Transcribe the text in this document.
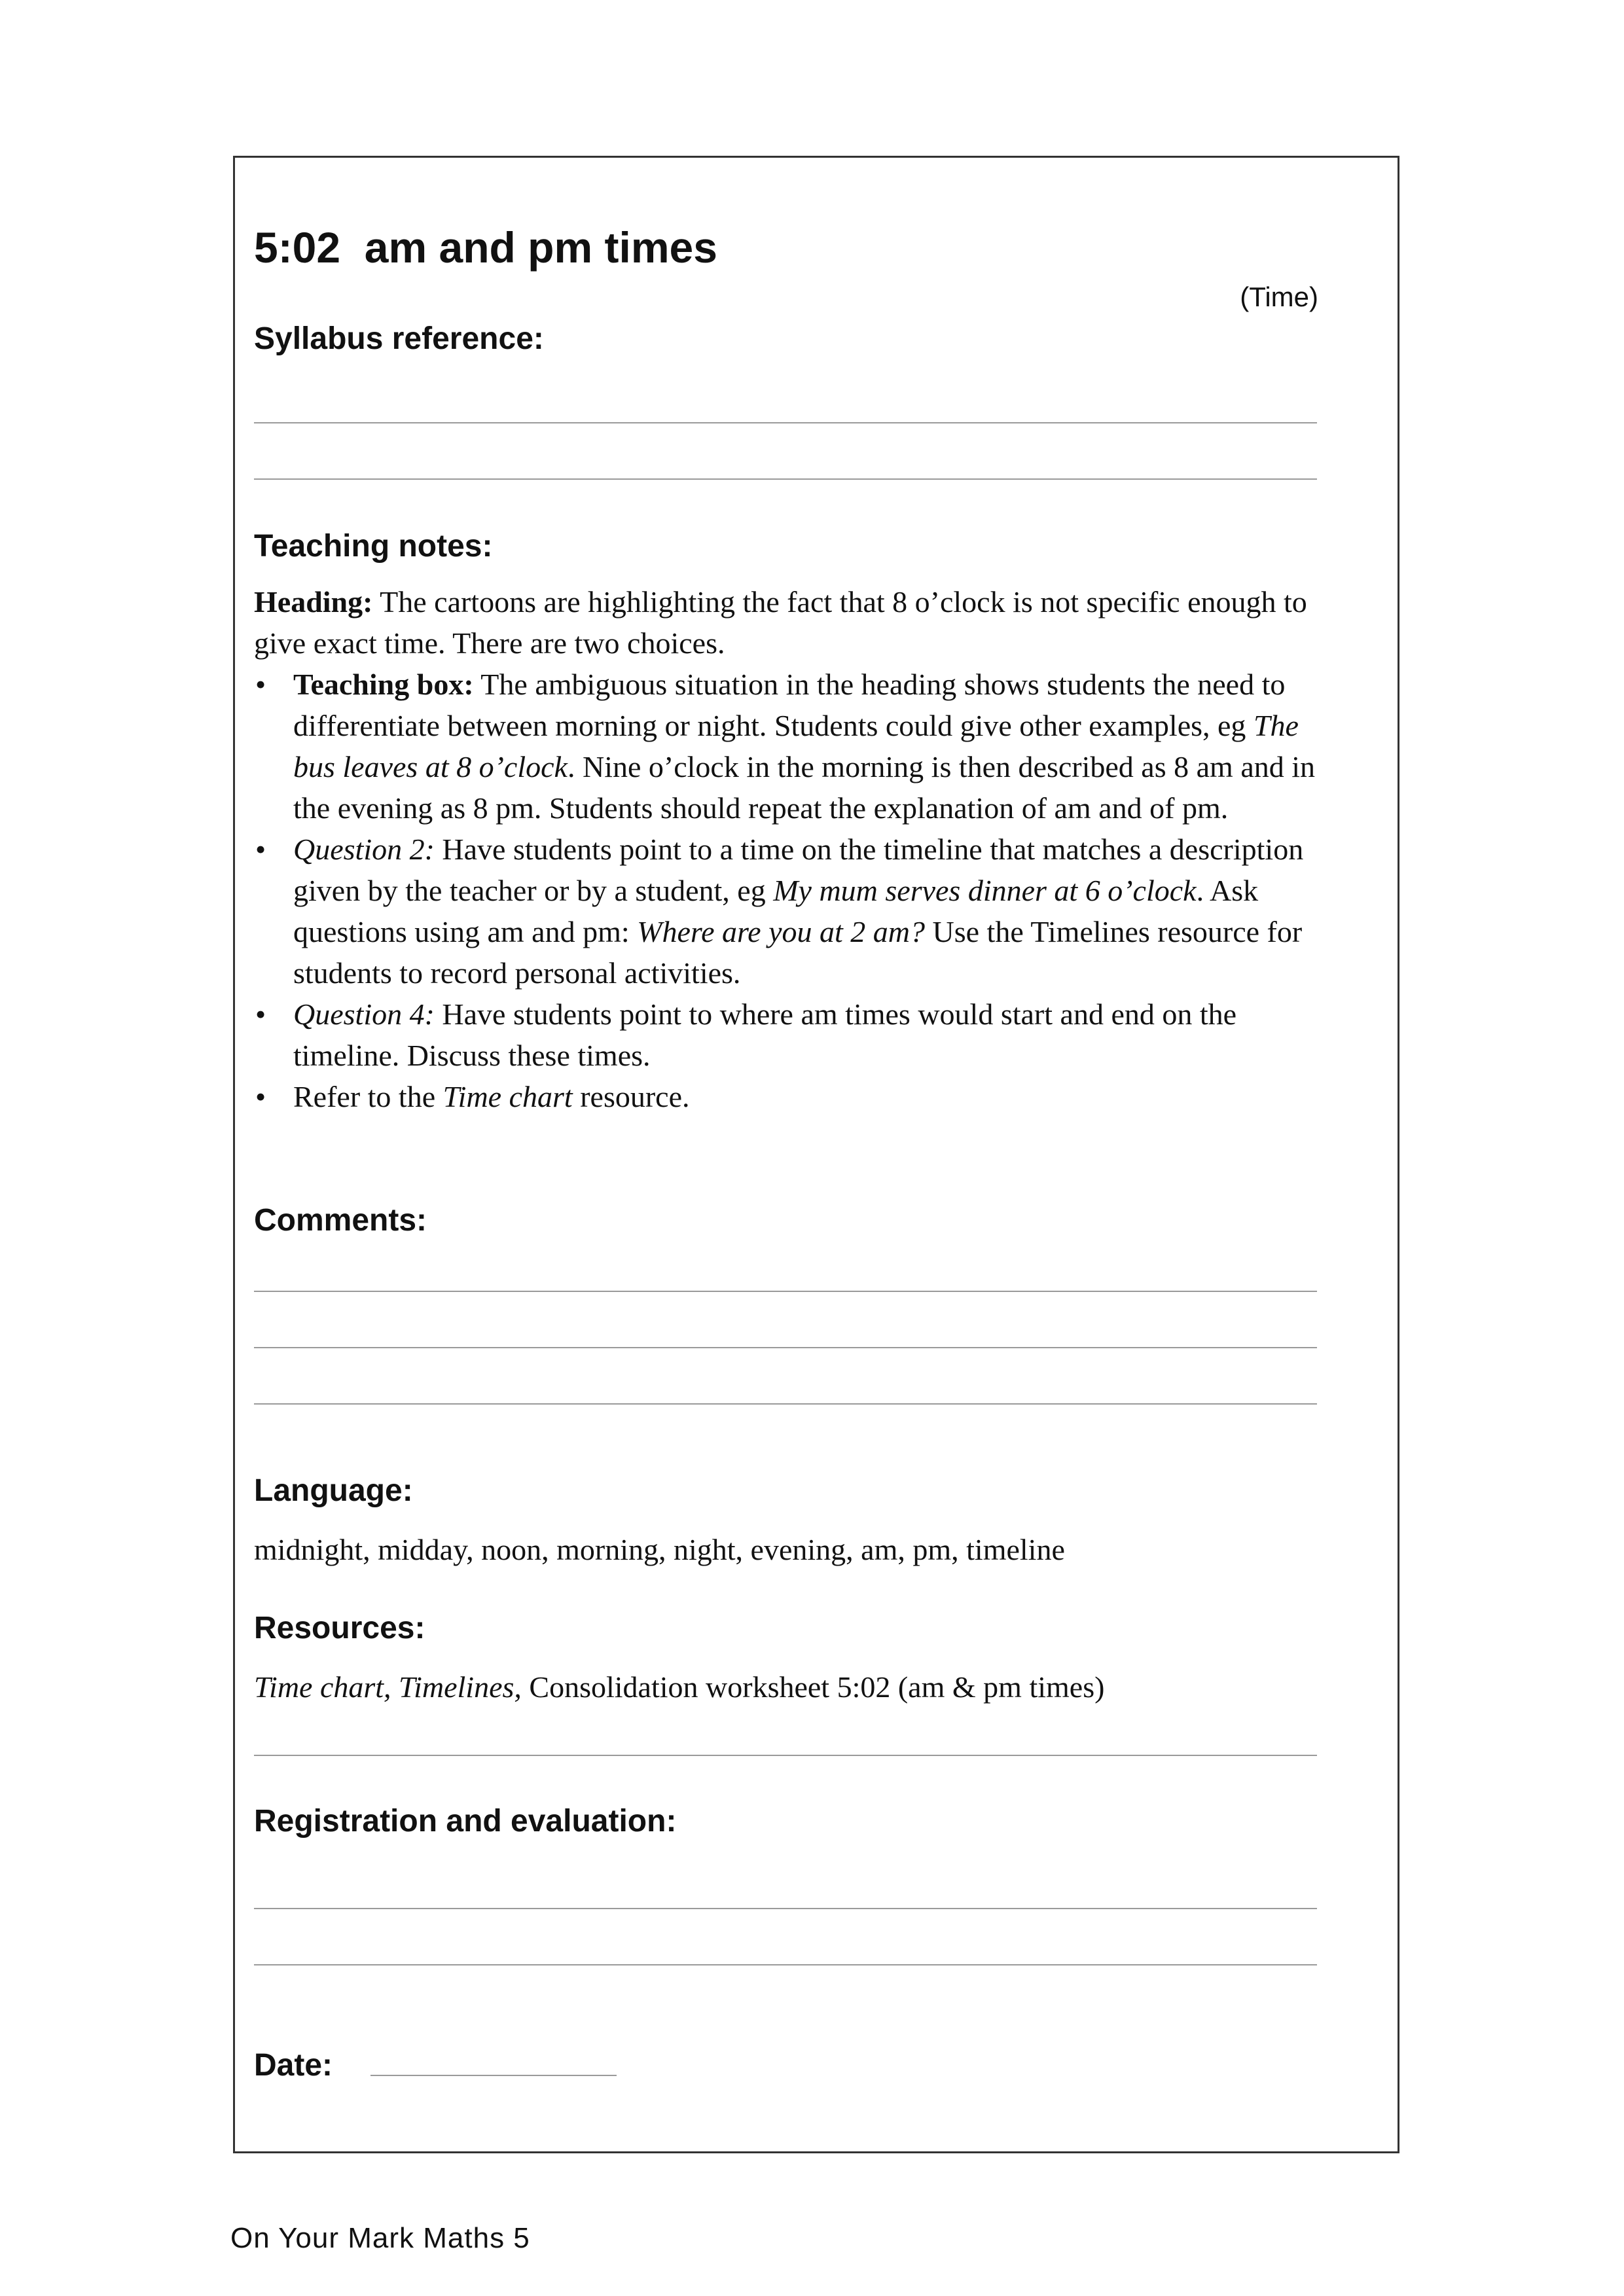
5:02  am and pm times
(Time)
Syllabus reference:
Teaching notes:

Heading: The cartoons are highlighting the fact that 8 o’clock is not specific enough to give exact time. There are two choices.

• Teaching box: The ambiguous situation in the heading shows students the need to differentiate between morning or night. Students could give other examples, eg The bus leaves at 8 o’clock. Nine o’clock in the morning is then described as 8 am and in the evening as 8 pm. Students should repeat the explanation of am and of pm.
• Question 2: Have students point to a time on the timeline that matches a description given by the teacher or by a student, eg My mum serves dinner at 6 o’clock. Ask questions using am and pm: Where are you at 2 am? Use the Timelines resource for students to record personal activities.
• Question 4: Have students point to where am times would start and end on the timeline. Discuss these times.
• Refer to the Time chart resource.
Comments:
Language:
midnight, midday, noon, morning, night, evening, am, pm, timeline
Resources:
Time chart, Timelines, Consolidation worksheet 5:02 (am & pm times)
Registration and evaluation:
Date:
On Your Mark Maths 5
